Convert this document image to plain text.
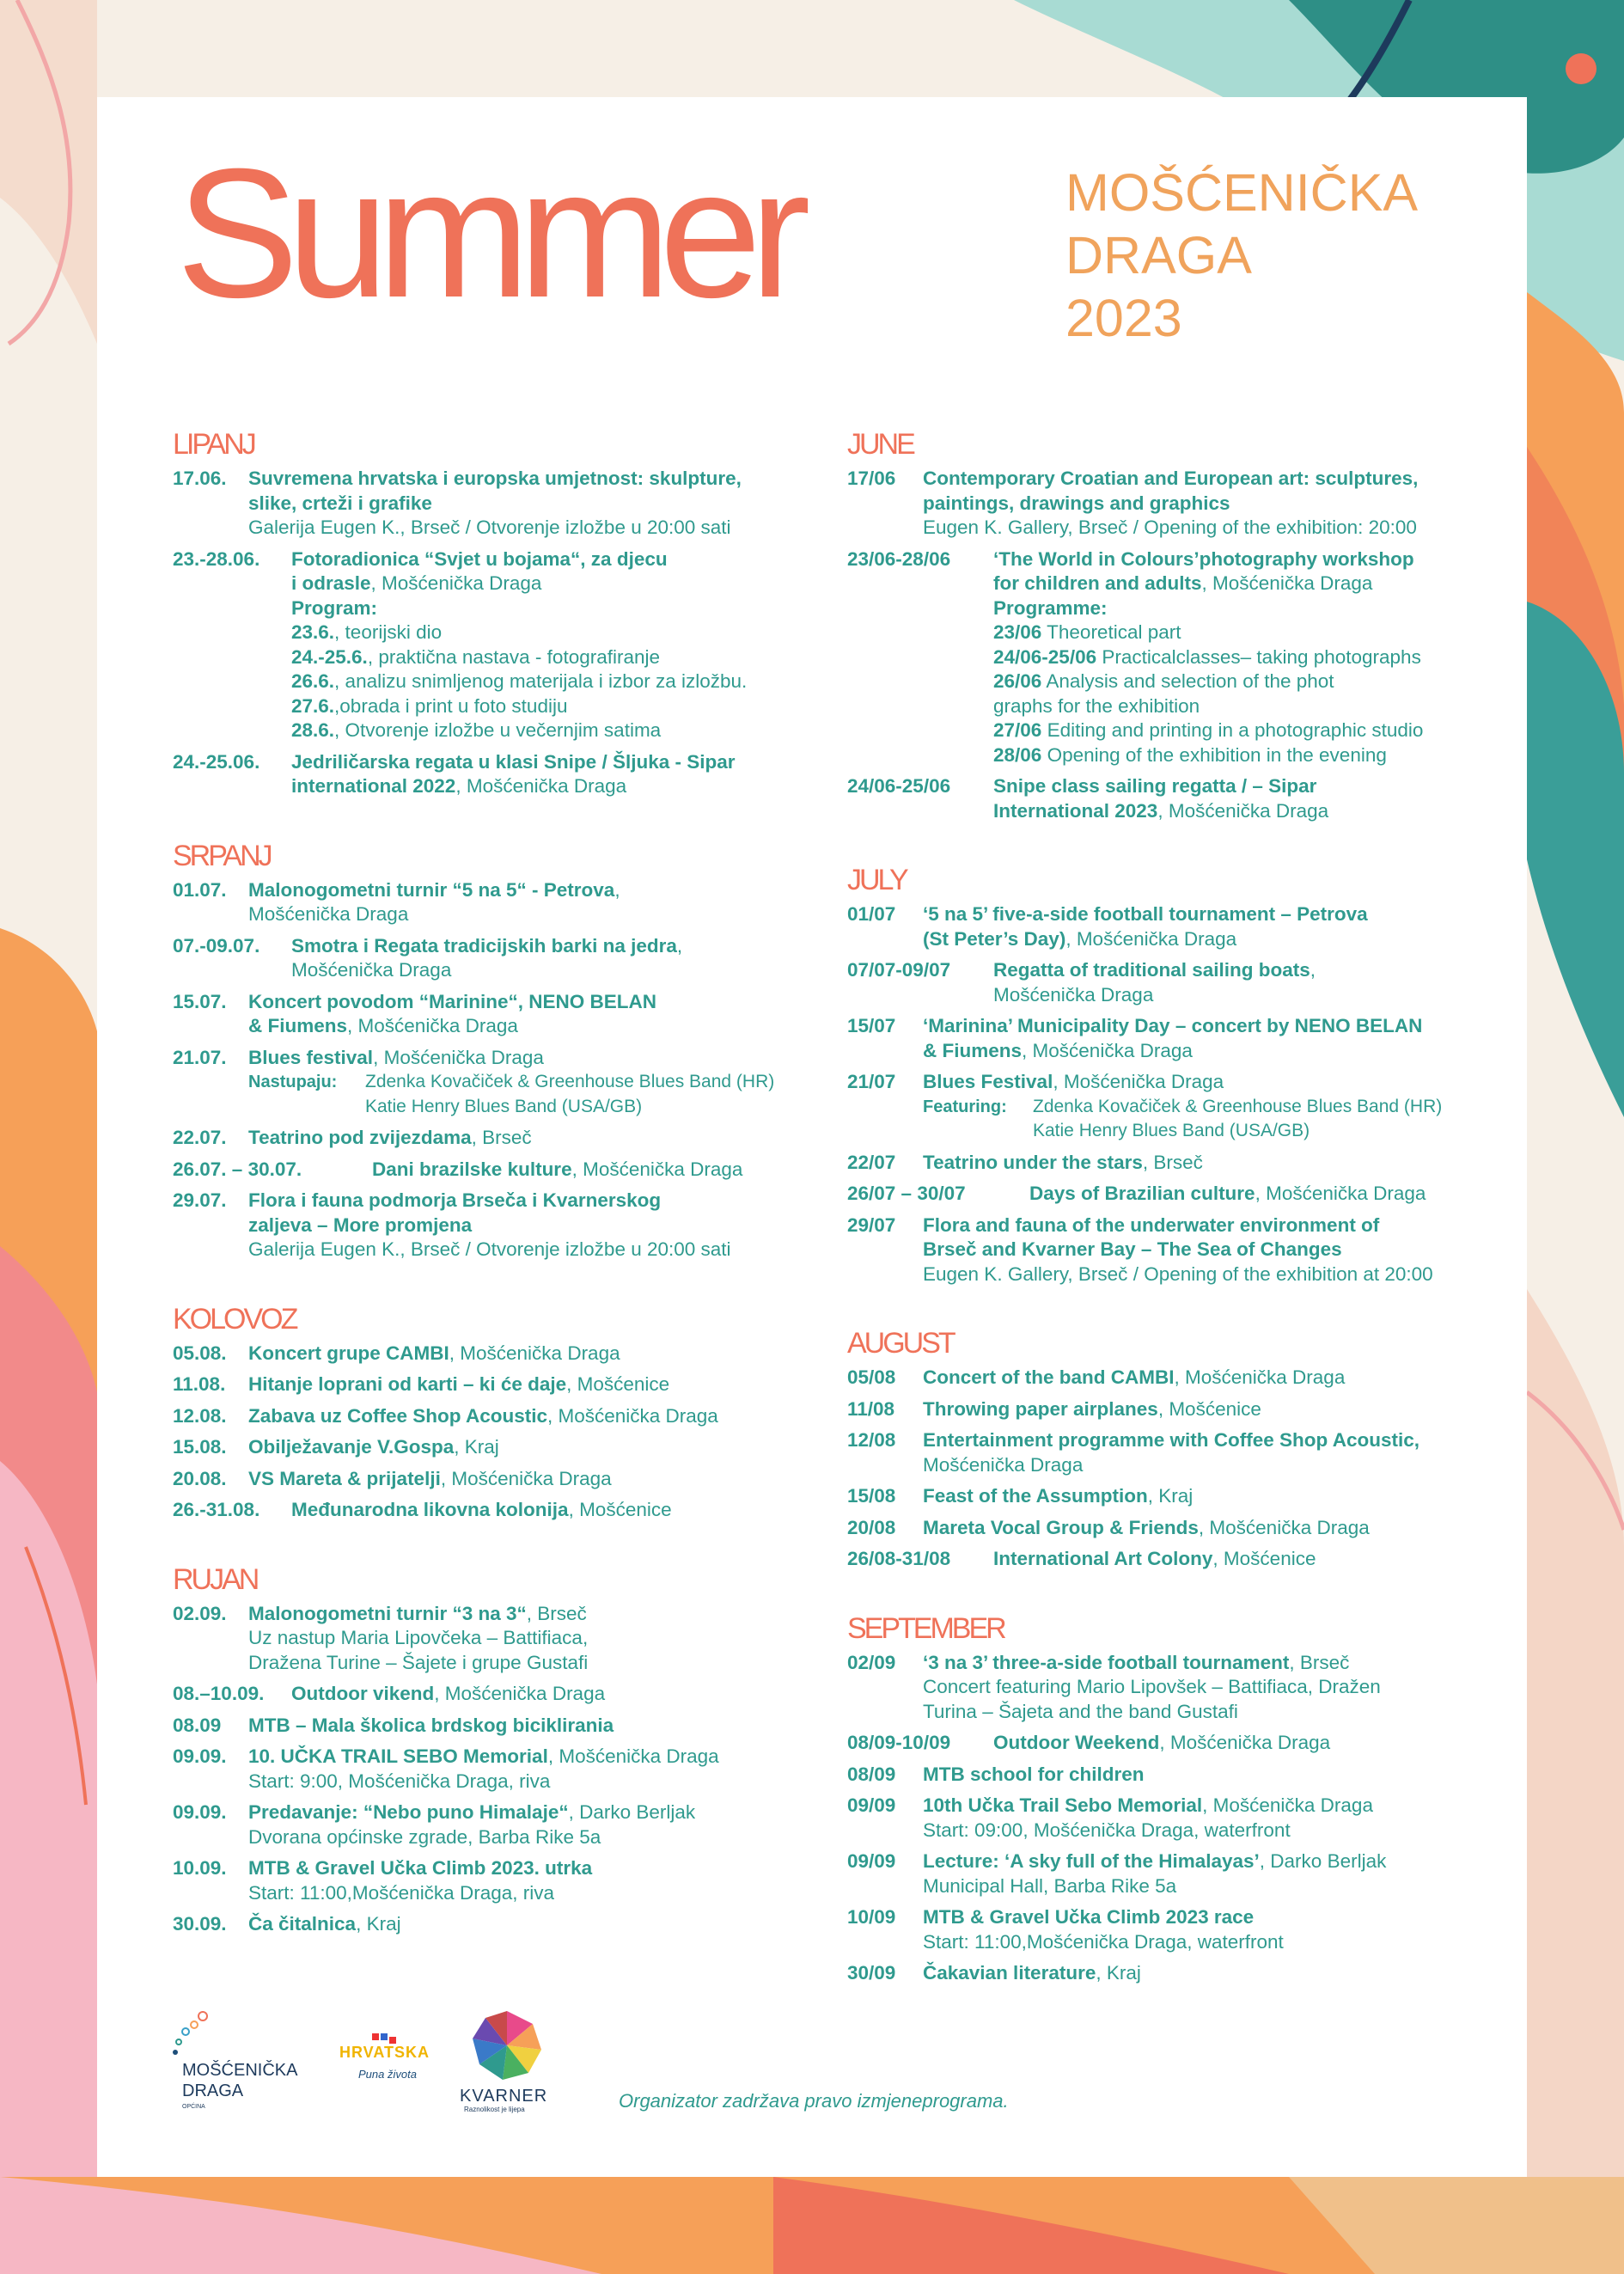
Summer	MOŠĆENIČKA
DRAGA
2023
LIPANJ
17.06.	Suvremena hrvatska i europska umjetnost: skulpture,
slike, crteži i grafike
Galerija Eugen K., Brseč / Otvorenje izložbe u 20:00 sati
23.-28.06.	Fotoradionica “Svjet u bojama“, za djecu
i odrasle, Mošćenička Draga
Program:
23.6., teorijski dio
24.-25.6., praktična nastava - fotografiranje
26.6., analizu snimljenog materijala i izbor za izložbu.
27.6.,obrada i print u foto studiju
28.6., Otvorenje izložbe u večernjim satima
24.-25.06.	Jedriličarska regata u klasi Snipe / Šljuka - Sipar
international 2022, Mošćenička Draga
SRPANJ
01.07.	Malonogometni turnir “5 na 5“ - Petrova,
Mošćenička Draga
07.-09.07.	Smotra i Regata tradicijskih barki na jedra,
Mošćenička Draga
15.07.	Koncert povodom “Marinine“, NENO BELAN
& Fiumens, Mošćenička Draga
21.07.	Blues festival, Mošćenička Draga
Nastupaju:	Zdenka Kovačiček & Greenhouse Blues Band (HR)
Katie Henry Blues Band (USA/GB)
22.07.	Teatrino pod zvijezdama, Brseč
26.07. – 30.07.	Dani brazilske kulture, Mošćenička Draga
29.07.	Flora i fauna podmorja Brseča i Kvarnerskog
zaljeva – More promjena
Galerija Eugen K., Brseč / Otvorenje izložbe u 20:00 sati
KOLOVOZ
05.08.	Koncert grupe CAMBI, Mošćenička Draga
11.08.	Hitanje loprani od karti – ki će daje, Mošćenice
12.08.	Zabava uz Coffee Shop Acoustic, Mošćenička Draga
15.08.	Obilježavanje V.Gospa, Kraj
20.08.	VS Mareta & prijatelji, Mošćenička Draga
26.-31.08.	Međunarodna likovna kolonija, Mošćenice
RUJAN
02.09.	Malonogometni turnir “3 na 3“, Brseč
Uz nastup Maria Lipovčeka – Battifiaca,
Dražena Turine – Šajete i grupe Gustafi
08.–10.09.	Outdoor vikend, Mošćenička Draga
08.09	MTB – Mala školica brdskog biciklirania
09.09.	10. UČKA TRAIL SEBO Memorial, Mošćenička Draga
Start: 9:00, Mošćenička Draga, riva
09.09.	Predavanje: “Nebo puno Himalaje“, Darko Berljak
Dvorana općinske zgrade, Barba Rike 5a
10.09.	MTB & Gravel Učka Climb 2023. utrka
Start: 11:00,Mošćenička Draga, riva
30.09.	Ča čitalnica, Kraj
JUNE
17/06	Contemporary Croatian and European art: sculptures,
paintings, drawings and graphics
Eugen K. Gallery, Brseč / Opening of the exhibition: 20:00
23/06-28/06	‘The World in Colours’photography workshop
for children and adults, Mošćenička Draga
Programme:
23/06 Theoretical part
24/06-25/06 Practicalclasses– taking photographs
26/06 Analysis and selection of the phot
graphs for the exhibition
27/06 Editing and printing in a photographic studio
28/06 Opening of the exhibition in the evening
24/06-25/06	Snipe class sailing regatta / – Sipar
International 2023, Mošćenička Draga
JULY
01/07	‘5 na 5’ five-a-side football tournament – Petrova
(St Peter’s Day), Mošćenička Draga
07/07-09/07	Regatta of traditional sailing boats,
Mošćenička Draga
15/07	‘Marinina’ Municipality Day – concert by NENO BELAN
& Fiumens, Mošćenička Draga
21/07	Blues Festival, Mošćenička Draga
Featuring:	Zdenka Kovačiček & Greenhouse Blues Band (HR)
Katie Henry Blues Band (USA/GB)
22/07	Teatrino under the stars, Brseč
26/07 – 30/07	Days of Brazilian culture, Mošćenička Draga
29/07	Flora and fauna of the underwater environment of
Brseč and Kvarner Bay – The Sea of Changes
Eugen K. Gallery, Brseč / Opening of the exhibition at 20:00
AUGUST
05/08	Concert of the band CAMBI, Mošćenička Draga
11/08	Throwing paper airplanes, Mošćenice
12/08	Entertainment programme with Coffee Shop Acoustic,
Mošćenička Draga
15/08	Feast of the Assumption, Kraj
20/08	Mareta Vocal Group & Friends, Mošćenička Draga
26/08-31/08	International Art Colony, Mošćenice
SEPTEMBER
02/09	‘3 na 3’ three-a-side football tournament, Brseč
Concert featuring Mario Lipovšek – Battifiaca, Dražen
Turina – Šajeta and the band Gustafi
08/09-10/09	Outdoor Weekend, Mošćenička Draga
08/09	MTB school for children
09/09	10th Učka Trail Sebo Memorial, Mošćenička Draga
Start: 09:00, Mošćenička Draga, waterfront
09/09	Lecture: ‘A sky full of the Himalayas’, Darko Berljak
Municipal Hall, Barba Rike 5a
10/09	MTB & Gravel Učka Climb 2023 race
Start: 11:00,Mošćenička Draga, waterfront
30/09	Čakavian literature, Kraj
MOŠĆENIČKA
DRAGA
OPĆINA
HRVATSKA
Puna života
KVARNER
Raznolikost je lijepa	Organizator zadržava pravo izmjeneprograma.
